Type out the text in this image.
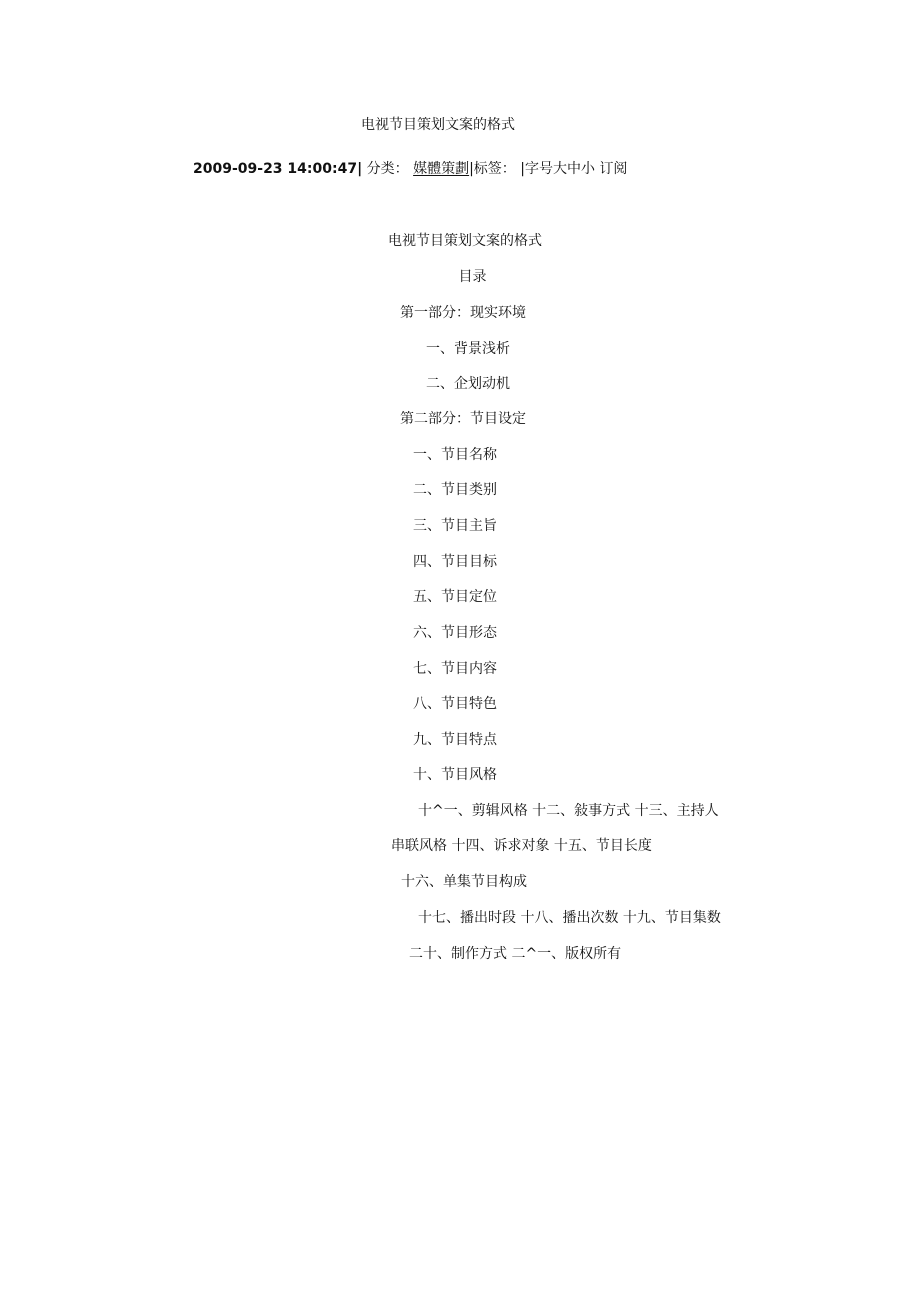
电视节目策划文案的格式
2009-09-23 14:00:47| 分类： 媒體策劃|标签： |字号大中小 订阅
电视节目策划文案的格式
目录
第一部分：现实环境
一、背景浅析
二、企划动机
第二部分：节目设定
一、节目名称
二、节目类别
三、节目主旨
四、节目目标
五、节目定位
六、节目形态
七、节目内容
八、节目特色
九、节目特点
十、节目风格
十^一、剪辑风格 十二、敍事方式 十三、主持人
串联风格 十四、诉求对象 十五、节目长度
十六、单集节目构成
十七、播出时段 十八、播出次数 十九、节目集数
二十、制作方式 二^一、版权所有
